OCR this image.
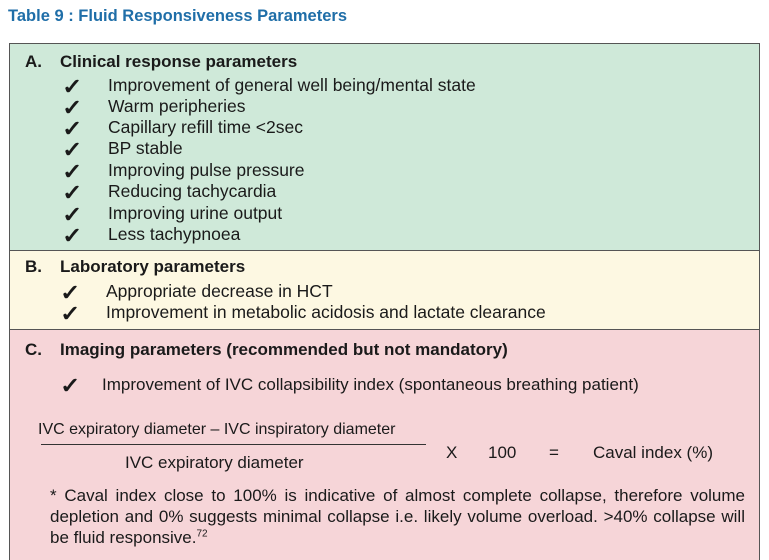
Table 9 : Fluid Responsiveness Parameters
A. Clinical response parameters
✓ Improvement of general well being/mental state
✓ Warm peripheries
✓ Capillary refill time <2sec
✓ BP stable
✓ Improving pulse pressure
✓ Reducing tachycardia
✓ Improving urine output
✓ Less tachypnoea
B. Laboratory parameters
✓ Appropriate decrease in HCT
✓ Improvement in metabolic acidosis and lactate clearance
C. Imaging parameters (recommended but not mandatory)
✓ Improvement of IVC collapsibility index (spontaneous breathing patient)
IVC expiratory diameter – IVC inspiratory diameter
IVC expiratory diameter
X 100 = Caval index (%)
* Caval index close to 100% is indicative of almost complete collapse, therefore volume depletion and 0% suggests minimal collapse i.e. likely volume overload. >40% collapse will be fluid responsive.$^{72}$
